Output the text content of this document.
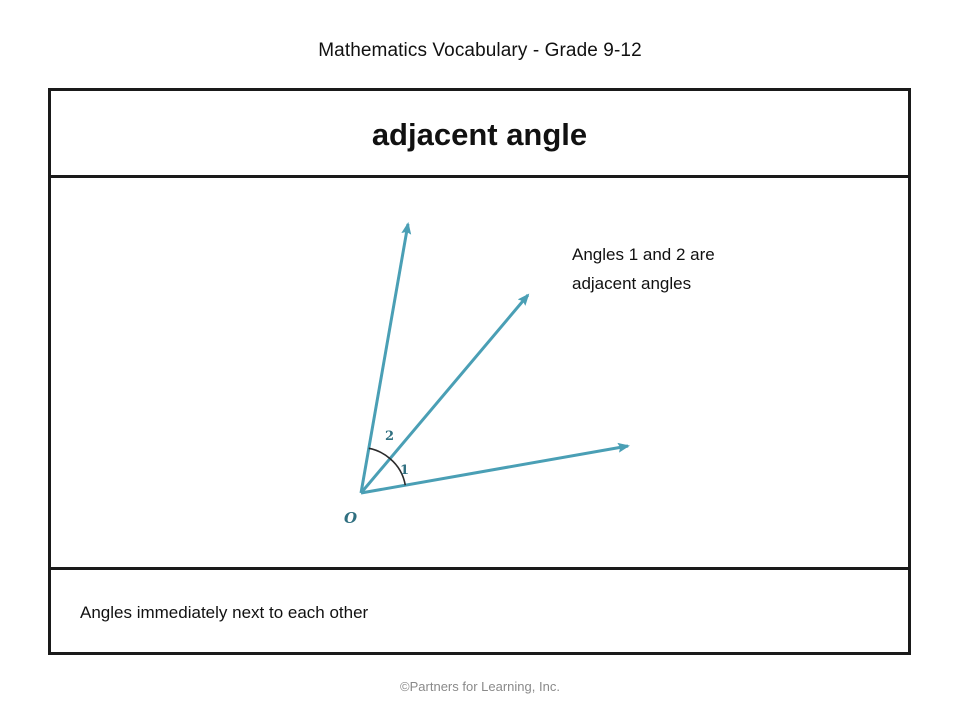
Mathematics Vocabulary - Grade 9-12
adjacent angle
2
1
O
Angles 1 and 2 are
adjacent angles
Angles immediately next to each other
©Partners for Learning, Inc.
